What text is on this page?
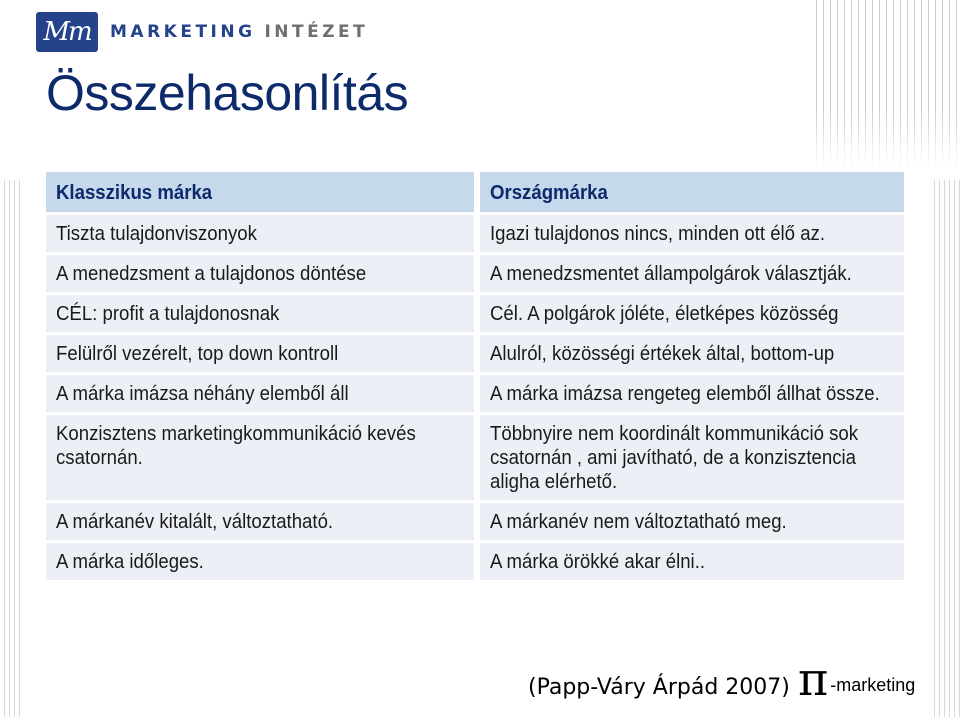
Mm	MARKETING INTÉZET
Összehasonlítás
Klasszikus márka	Országmárka
Tiszta tulajdonviszonyok	Igazi tulajdonos nincs, minden ott élő az.
A menedzsment a tulajdonos döntése	A menedzsmentet állampolgárok választják.
CÉL: profit a tulajdonosnak	Cél. A polgárok jóléte, életképes közösség
Felülről vezérelt, top down kontroll	Alulról, közösségi értékek által, bottom-up
A márka imázsa néhány elemből áll	A márka imázsa rengeteg elemből állhat össze.
Konzisztens marketingkommunikáció kevés csatornán.	Többnyire nem koordinált kommunikáció sok csatornán , ami javítható, de a konzisztencia aligha elérhető.
A márkanév kitalált, változtatható.	A márkanév nem változtatható meg.
A márka időleges.	A márka örökké akar élni..
(Papp-Váry Árpád 2007) π -marketing
